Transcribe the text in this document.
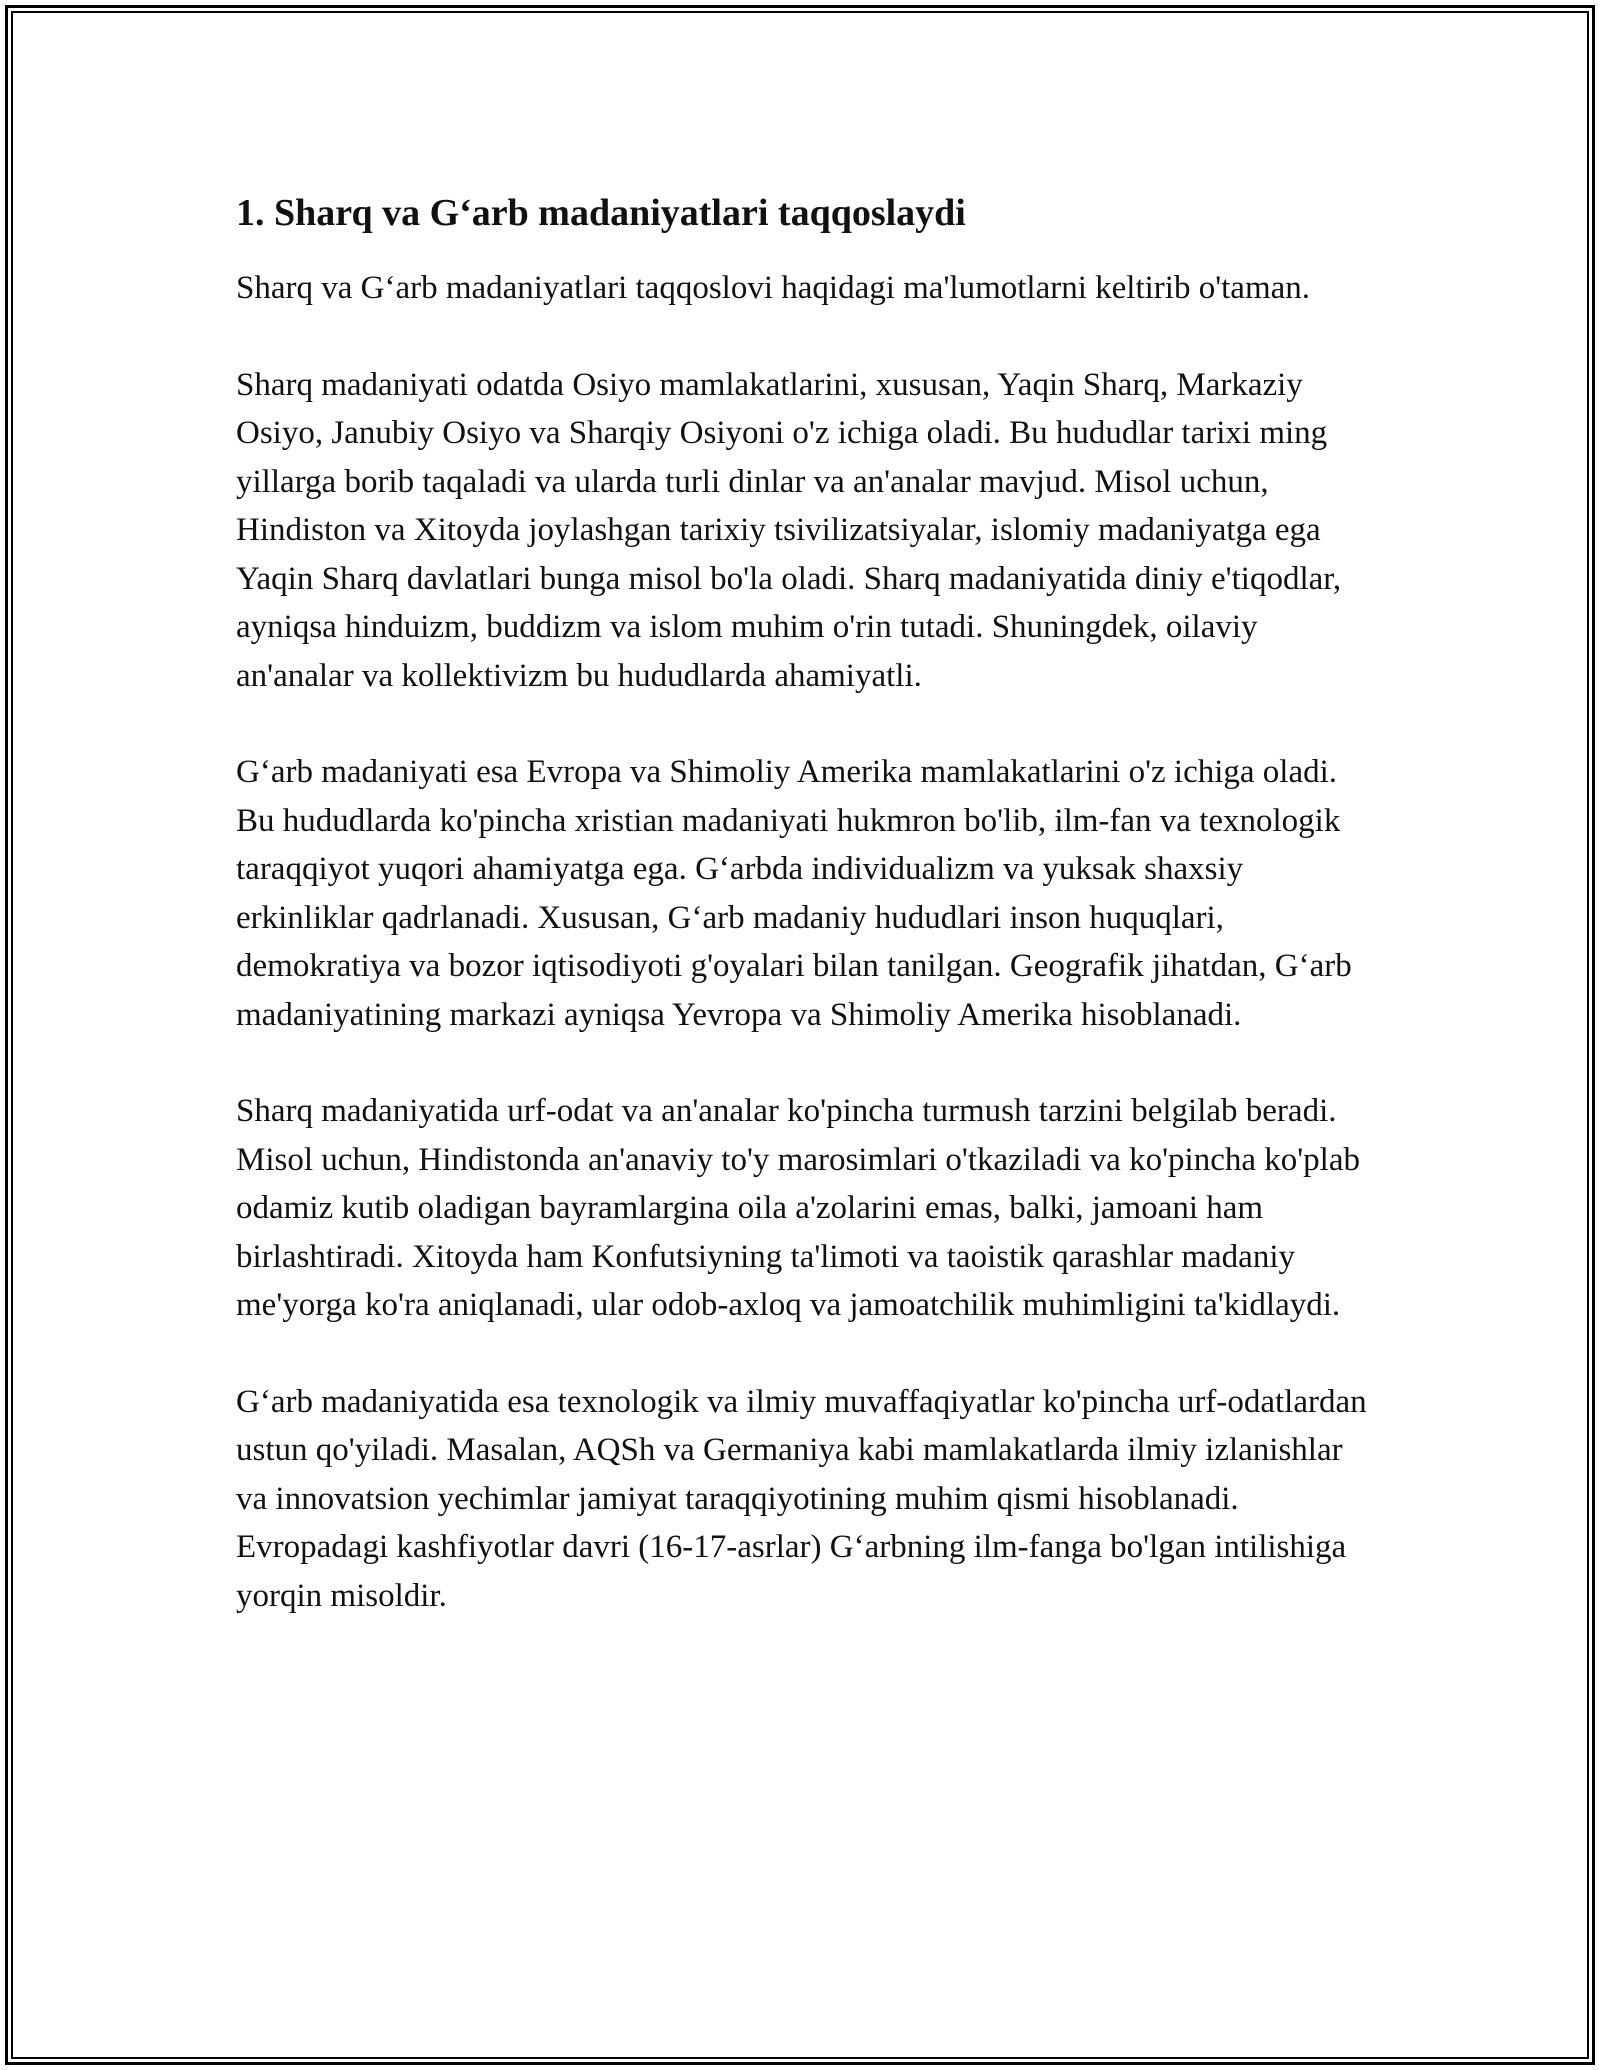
1. Sharq va G‘arb madaniyatlari taqqoslaydi

Sharq va G‘arb madaniyatlari taqqoslovi haqidagi ma'lumotlarni keltirib o'taman.

Sharq madaniyati odatda Osiyo mamlakatlarini, xususan, Yaqin Sharq, Markaziy Osiyo, Janubiy Osiyo va Sharqiy Osiyoni o'z ichiga oladi. Bu hududlar tarixi ming yillarga borib taqaladi va ularda turli dinlar va an'analar mavjud. Misol uchun, Hindiston va Xitoyda joylashgan tarixiy tsivilizatsiyalar, islomiy madaniyatga ega Yaqin Sharq davlatlari bunga misol bo'la oladi. Sharq madaniyatida diniy e'tiqodlar, ayniqsa hinduizm, buddizm va islom muhim o'rin tutadi. Shuningdek, oilaviy an'analar va kollektivizm bu hududlarda ahamiyatli.

G‘arb madaniyati esa Evropa va Shimoliy Amerika mamlakatlarini o'z ichiga oladi. Bu hududlarda ko'pincha xristian madaniyati hukmron bo'lib, ilm-fan va texnologik taraqqiyot yuqori ahamiyatga ega. G‘arbda individualizm va yuksak shaxsiy erkinliklar qadrlanadi. Xususan, G‘arb madaniy hududlari inson huquqlari, demokratiya va bozor iqtisodiyoti g'oyalari bilan tanilgan. Geografik jihatdan, G‘arb madaniyatining markazi ayniqsa Yevropa va Shimoliy Amerika hisoblanadi.

Sharq madaniyatida urf-odat va an'analar ko'pincha turmush tarzini belgilab beradi. Misol uchun, Hindistonda an'anaviy to'y marosimlari o'tkaziladi va ko'pincha ko'plab odamiz kutib oladigan bayramlargina oila a'zolarini emas, balki, jamoani ham birlashtiradi. Xitoyda ham Konfutsiyning ta'limoti va taoistik qarashlar madaniy me'yorga ko'ra aniqlanadi, ular odob-axloq va jamoatchilik muhimligini ta'kidlaydi.

G‘arb madaniyatida esa texnologik va ilmiy muvaffaqiyatlar ko'pincha urf-odatlardan ustun qo'yiladi. Masalan, AQSh va Germaniya kabi mamlakatlarda ilmiy izlanishlar va innovatsion yechimlar jamiyat taraqqiyotining muhim qismi hisoblanadi. Evropadagi kashfiyotlar davri (16-17-asrlar) G‘arbning ilm-fanga bo'lgan intilishiga yorqin misoldir.
